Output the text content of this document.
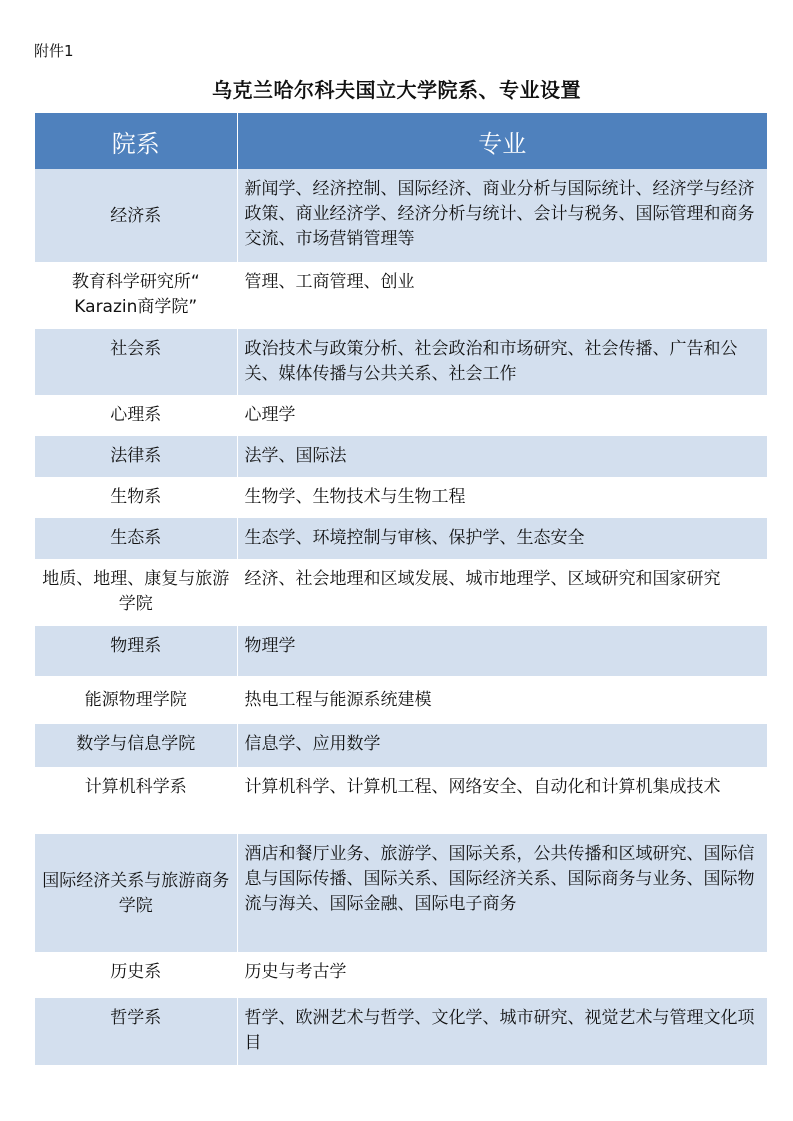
附件1
乌克兰哈尔科夫国立大学院系、专业设置
院系	专业
经济系	新闻学、经济控制、国际经济、商业分析与国际统计、经济学与经济政策、商业经济学、经济分析与统计、会计与税务、国际管理和商务交流、市场营销管理等
教育科学研究所“ Karazin商学院”	管理、工商管理、创业
社会系	政治技术与政策分析、社会政治和市场研究、社会传播、广告和公关、媒体传播与公共关系、社会工作
心理系	心理学
法律系	法学、国际法
生物系	生物学、生物技术与生物工程
生态系	生态学、环境控制与审核、保护学、生态安全
地质、地理、康复与旅游学院	经济、社会地理和区域发展、城市地理学、区域研究和国家研究
物理系	物理学
能源物理学院	热电工程与能源系统建模
数学与信息学院	信息学、应用数学
计算机科学系	计算机科学、计算机工程、网络安全、自动化和计算机集成技术
国际经济关系与旅游商务学院	酒店和餐厅业务、旅游学、国际关系，公共传播和区域研究、国际信息与国际传播、国际关系、国际经济关系、国际商务与业务、国际物流与海关、国际金融、国际电子商务
历史系	历史与考古学
哲学系	哲学、欧洲艺术与哲学、文化学、城市研究、视觉艺术与管理文化项目
